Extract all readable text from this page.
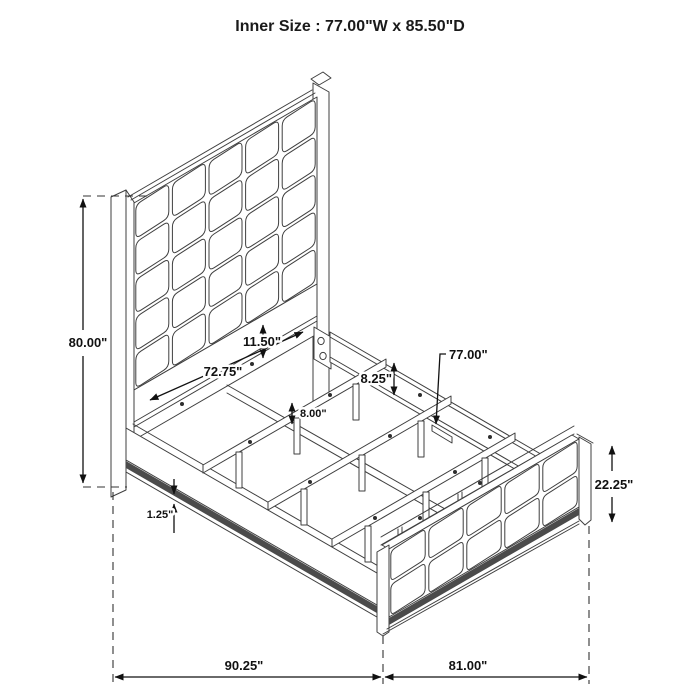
Inner Size : 77.00"W x 85.50"D
80.00"
72.75"
11.50"
8.25"
8.00"
77.00"
22.25"
1.25"
90.25"	81.00"
